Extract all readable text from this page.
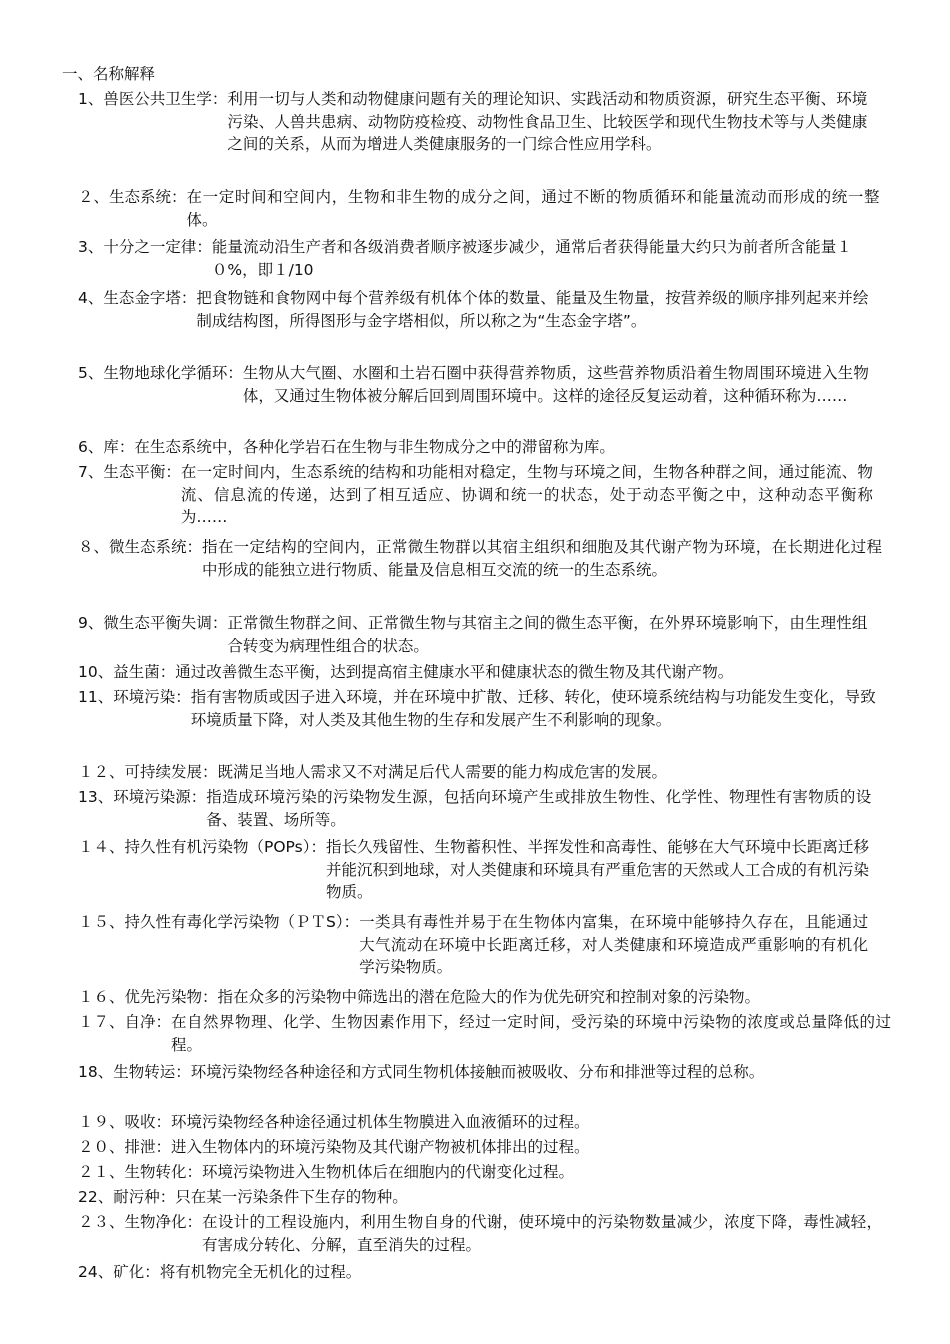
一、名称解释
1、兽医公共卫生学： 利用一切与人类和动物健康问题有关的理论知识、实践活动和物质资源，研究生态平衡、环境污染、人兽共患病、动物防疫检疫、动物性食品卫生、比较医学和现代生物技术等与人类健康之间的关系，从而为增进人类健康服务的一门综合性应用学科。
２、生态系统： 在一定时间和空间内，生物和非生物的成分之间，通过不断的物质循环和能量流动而形成的统一整体。
3、十分之一定律： 能量流动沿生产者和各级消费者顺序被逐步减少，通常后者获得能量大约只为前者所含能量１０%，即１/10
4、生态金字塔： 把食物链和食物网中每个营养级有机体个体的数量、能量及生物量，按营养级的顺序排列起来并绘制成结构图，所得图形与金字塔相似，所以称之为“生态金字塔”。
5、生物地球化学循环： 生物从大气圈、水圈和土岩石圈中获得营养物质，这些营养物质沿着生物周围环境进入生物体，又通过生物体被分解后回到周围环境中。这样的途径反复运动着，这种循环称为……
6、库： 在生态系统中，各种化学岩石在生物与非生物成分之中的滞留称为库。
7、生态平衡： 在一定时间内，生态系统的结构和功能相对稳定，生物与环境之间，生物各种群之间，通过能流、物流、信息流的传递，达到了相互适应、协调和统一的状态，处于动态平衡之中，这种动态平衡称为……
８、微生态系统： 指在一定结构的空间内，正常微生物群以其宿主组织和细胞及其代谢产物为环境，在长期进化过程中形成的能独立进行物质、能量及信息相互交流的统一的生态系统。
9、微生态平衡失调： 正常微生物群之间、正常微生物与其宿主之间的微生态平衡，在外界环境影响下，由生理性组合转变为病理性组合的状态。
10、益生菌： 通过改善微生态平衡，达到提高宿主健康水平和健康状态的微生物及其代谢产物。
11、环境污染： 指有害物质或因子进入环境，并在环境中扩散、迁移、转化，使环境系统结构与功能发生变化，导致环境质量下降，对人类及其他生物的生存和发展产生不利影响的现象。
１２、可持续发展： 既满足当地人需求又不对满足后代人需要的能力构成危害的发展。
13、环境污染源： 指造成环境污染的污染物发生源，包括向环境产生或排放生物性、化学性、物理性有害物质的设备、装置、场所等。
１４、持久性有机污染物（POPs）： 指长久残留性、生物蓄积性、半挥发性和高毒性、能够在大气环境中长距离迁移并能沉积到地球，对人类健康和环境具有严重危害的天然或人工合成的有机污染物质。
１５、持久性有毒化学污染物（ＰＴS）： 一类具有毒性并易于在生物体内富集，在环境中能够持久存在，且能通过大气流动在环境中长距离迁移，对人类健康和环境造成严重影响的有机化学污染物质。
１６、优先污染物： 指在众多的污染物中筛选出的潜在危险大的作为优先研究和控制对象的污染物。
１７、自净： 在自然界物理、化学、生物因素作用下，经过一定时间，受污染的环境中污染物的浓度或总量降低的过程。
18、生物转运：环境污染物经各种途径和方式同生物机体接触而被吸收、分布和排泄等过程的总称。
１９、吸收： 环境污染物经各种途径通过机体生物膜进入血液循环的过程。
２０、排泄： 进入生物体内的环境污染物及其代谢产物被机体排出的过程。
２１、生物转化： 环境污染物进入生物机体后在细胞内的代谢变化过程。
22、耐污种： 只在某一污染条件下生存的物种。
２３、生物净化： 在设计的工程设施内，利用生物自身的代谢，使环境中的污染物数量减少，浓度下降，毒性减轻，有害成分转化、分解，直至消失的过程。
24、矿化： 将有机物完全无机化的过程。
